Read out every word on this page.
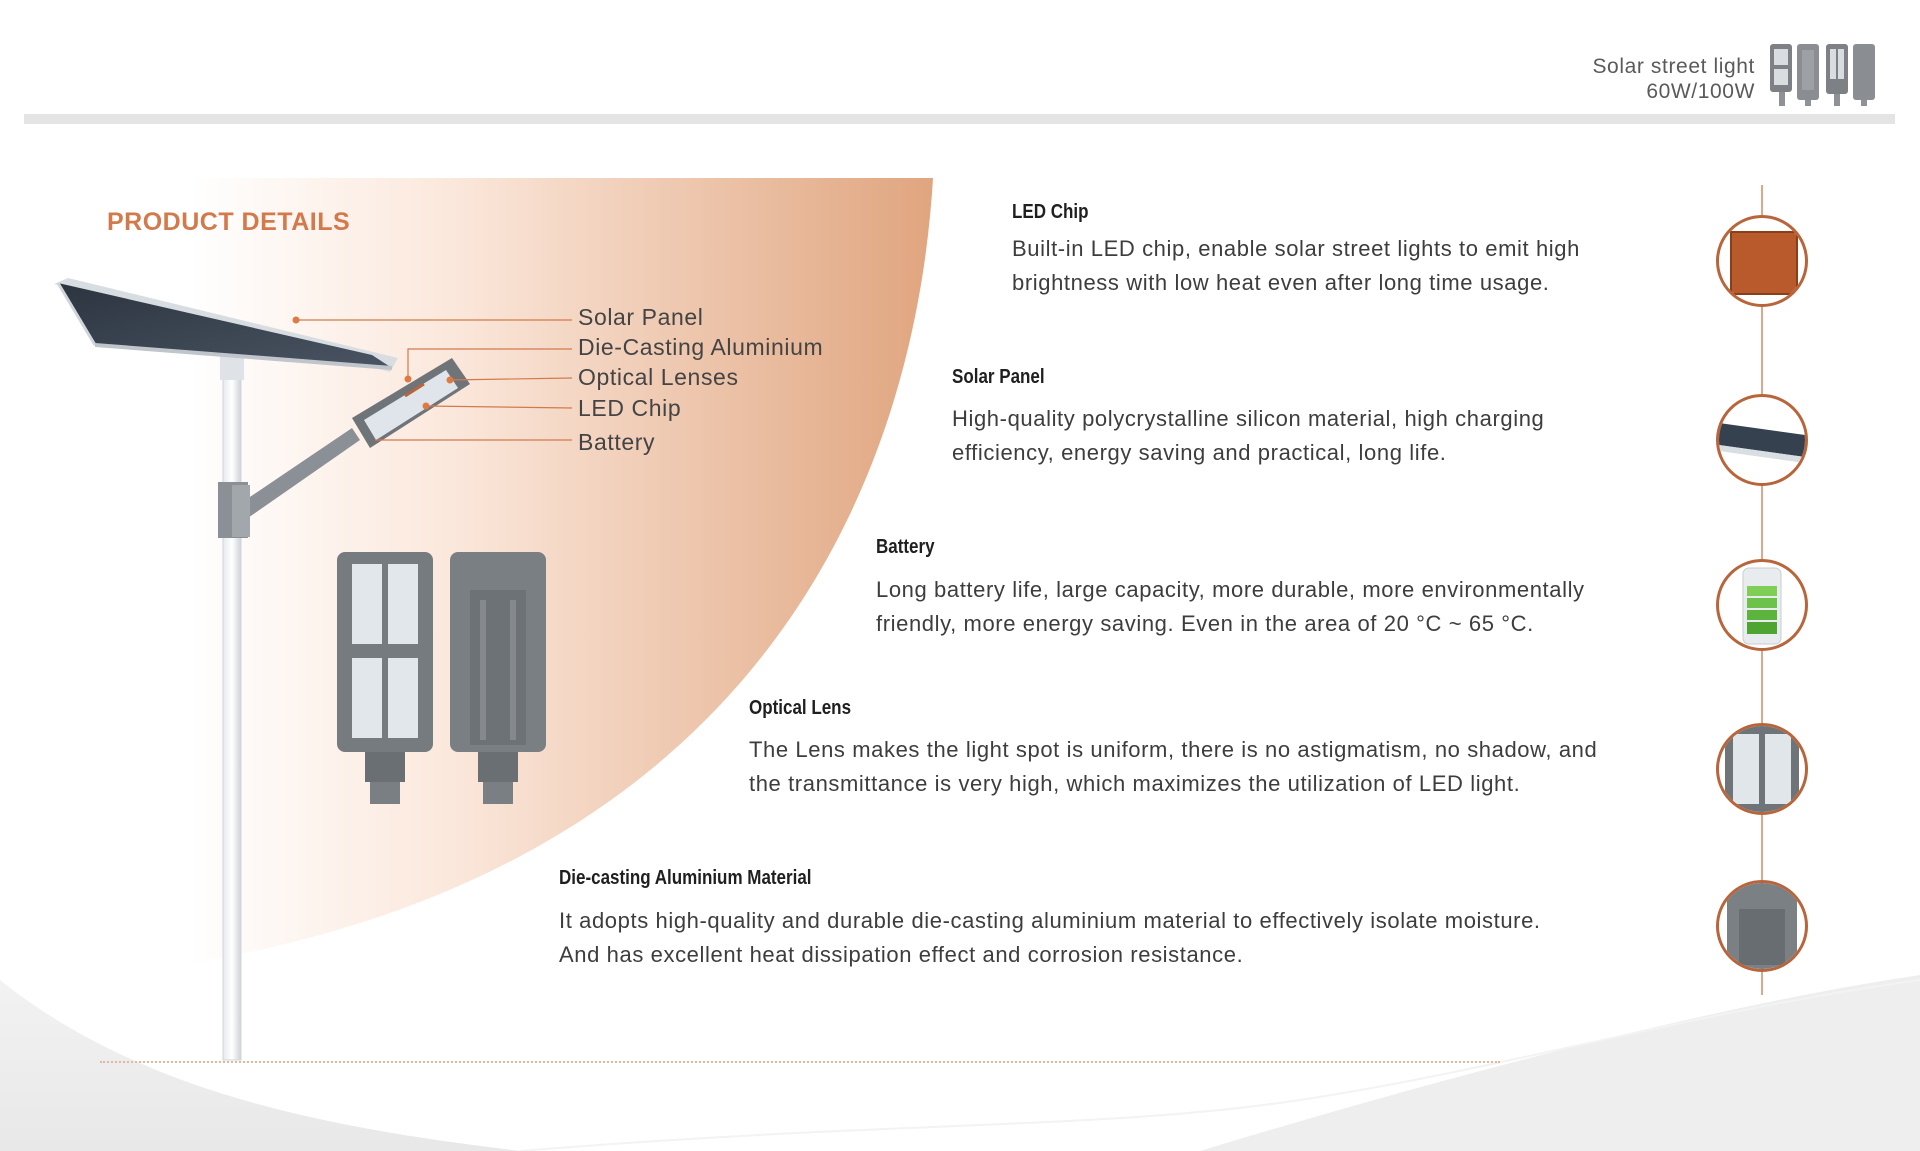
Solar street light
60W/100W
PRODUCT DETAILS
Solar Panel
Die-Casting Aluminium
Optical Lenses
LED Chip
Battery
LED Chip
Built-in LED chip, enable solar street lights to emit high
brightness with low heat even after long time usage.
Solar Panel
High-quality polycrystalline silicon material, high charging
efficiency, energy saving and practical, long life.
Battery
Long battery life, large capacity, more durable, more environmentally
friendly, more energy saving. Even in the area of 20 °C ~ 65 °C.
Optical Lens
The Lens makes the light spot is uniform, there is no astigmatism, no shadow, and
the transmittance is very high, which maximizes the utilization of LED light.
Die-casting Aluminium Material
It adopts high-quality and durable die-casting aluminium material to effectively isolate moisture.
And has excellent heat dissipation effect and corrosion resistance.
